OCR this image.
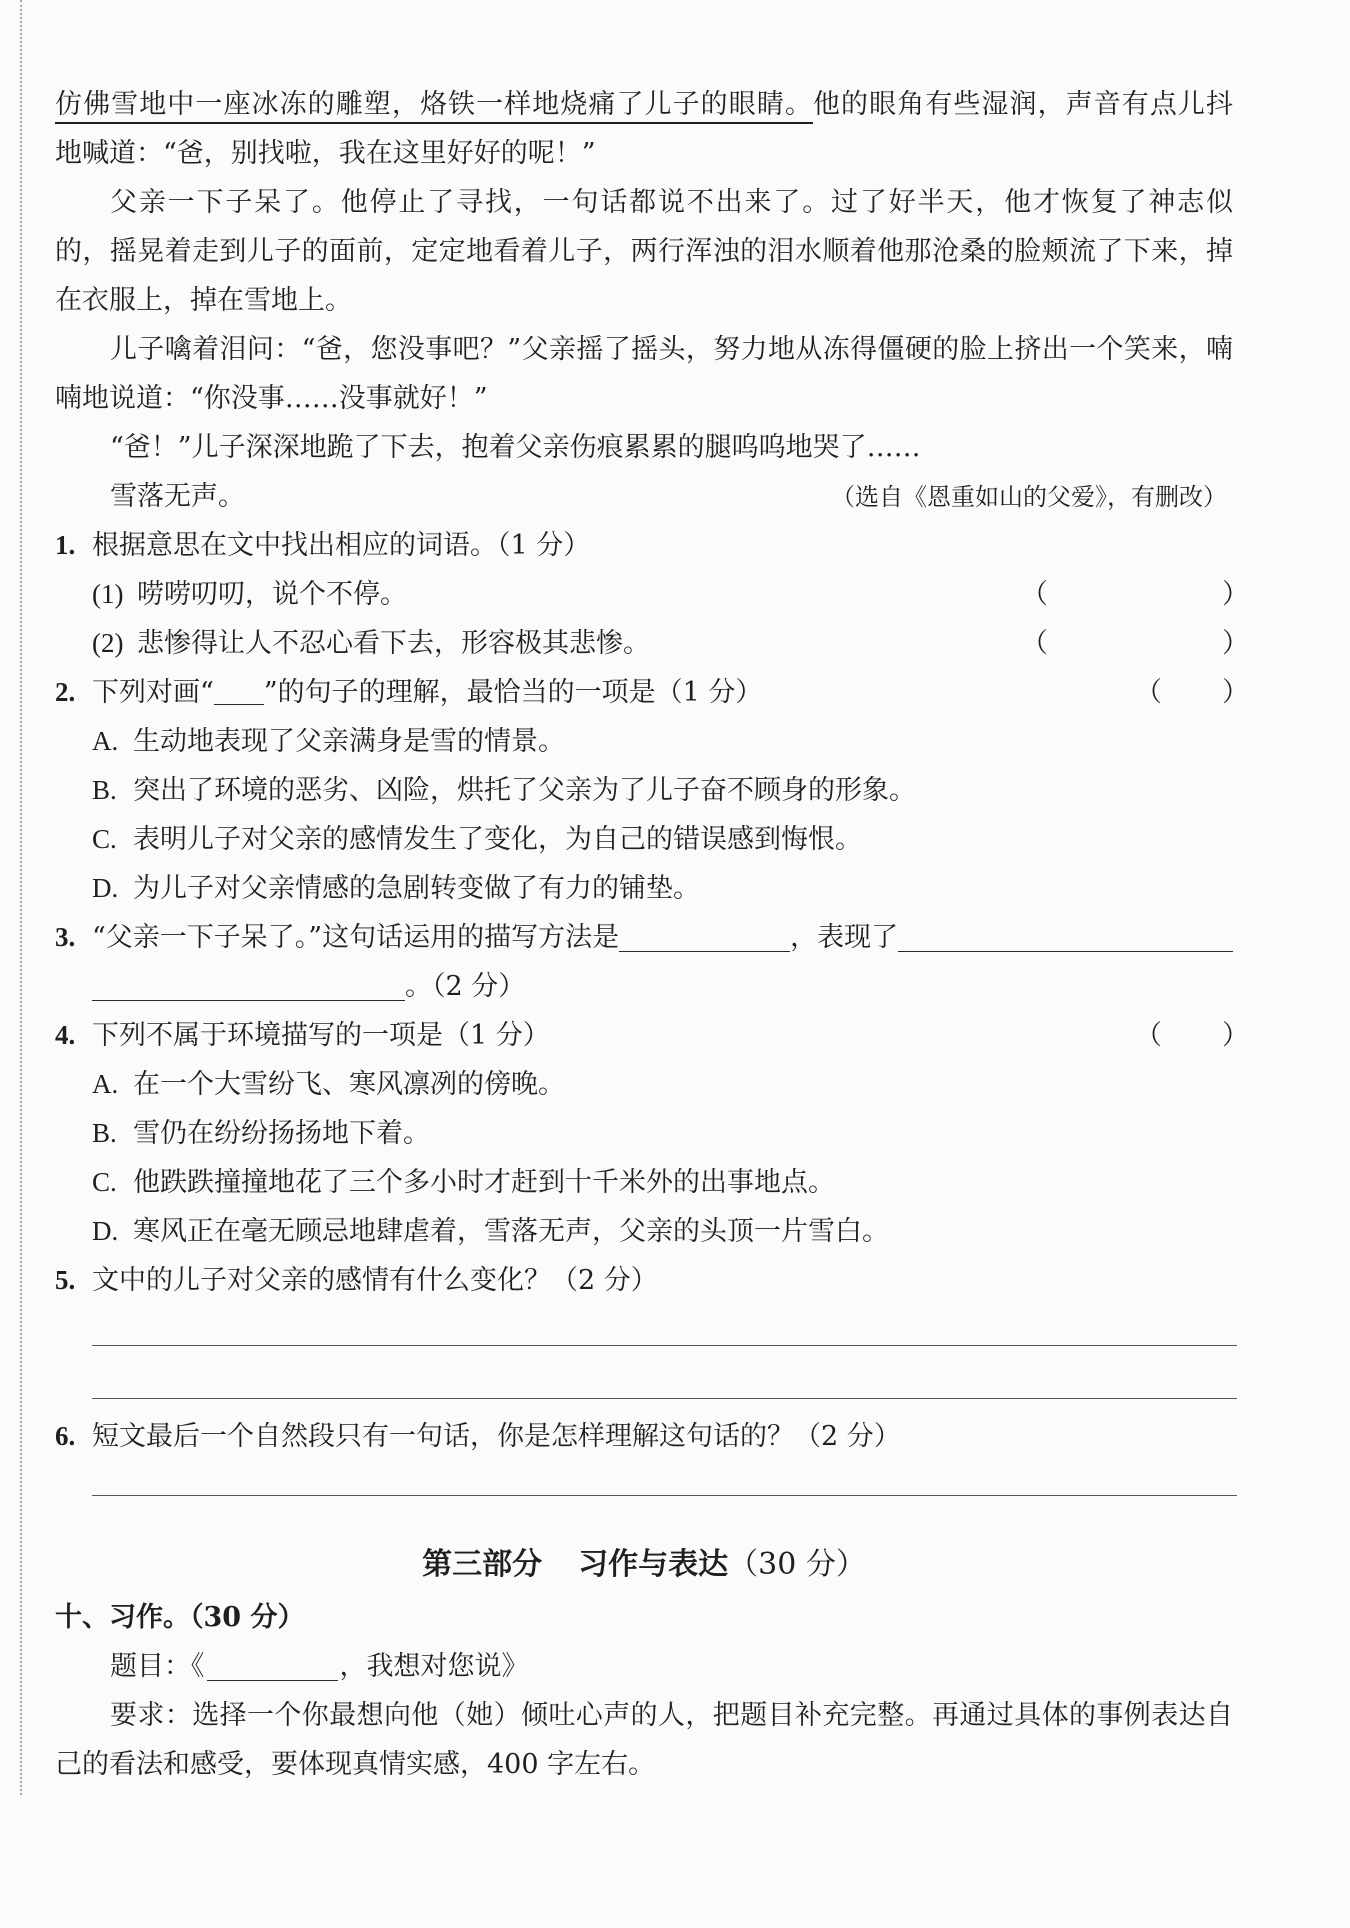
仿佛雪地中一座冰冻的雕塑，烙铁一样地烧痛了儿子的眼睛。他的眼角有些湿润，声音有点儿抖
地喊道：“爸，别找啦，我在这里好好的呢！”
父亲一下子呆了。他停止了寻找，一句话都说不出来了。过了好半天，他才恢复了神志似
的，摇晃着走到儿子的面前，定定地看着儿子，两行浑浊的泪水顺着他那沧桑的脸颊流了下来，掉
在衣服上，掉在雪地上。
儿子噙着泪问：“爸，您没事吧？”父亲摇了摇头，努力地从冻得僵硬的脸上挤出一个笑来，喃
喃地说道：“你没事……没事就好！”
“爸！”儿子深深地跪了下去，抱着父亲伤痕累累的腿呜呜地哭了……
雪落无声。	（选自《恩重如山的父爱》，有删改）
1. 根据意思在文中找出相应的词语。（1 分）
(1) 唠唠叨叨，说个不停。	（	）
(2) 悲惨得让人不忍心看下去，形容极其悲惨。	（	）
2. 下列对画“ ”的句子的理解，最恰当的一项是（1 分）	（ ）
A. 生动地表现了父亲满身是雪的情景。
B. 突出了环境的恶劣、凶险，烘托了父亲为了儿子奋不顾身的形象。
C. 表明儿子对父亲的感情发生了变化，为自己的错误感到悔恨。
D. 为儿子对父亲情感的急剧转变做了有力的铺垫。
3. “父亲一下子呆了。”这句话运用的描写方法是	，表现了
。（2 分）
4. 下列不属于环境描写的一项是（1 分）	（ ）
A. 在一个大雪纷飞、寒风凛冽的傍晚。
B. 雪仍在纷纷扬扬地下着。
C. 他跌跌撞撞地花了三个多小时才赶到十千米外的出事地点。
D. 寒风正在毫无顾忌地肆虐着，雪落无声，父亲的头顶一片雪白。
5. 文中的儿子对父亲的感情有什么变化？（2 分）
6. 短文最后一个自然段只有一句话，你是怎样理解这句话的？（2 分）
第三部分 习作与表达（30 分）
十、习作。（30 分）
题目：《	，我想对您说》
要求：选择一个你最想向他（她）倾吐心声的人，把题目补充完整。再通过具体的事例表达自
己的看法和感受，要体现真情实感，400 字左右。
